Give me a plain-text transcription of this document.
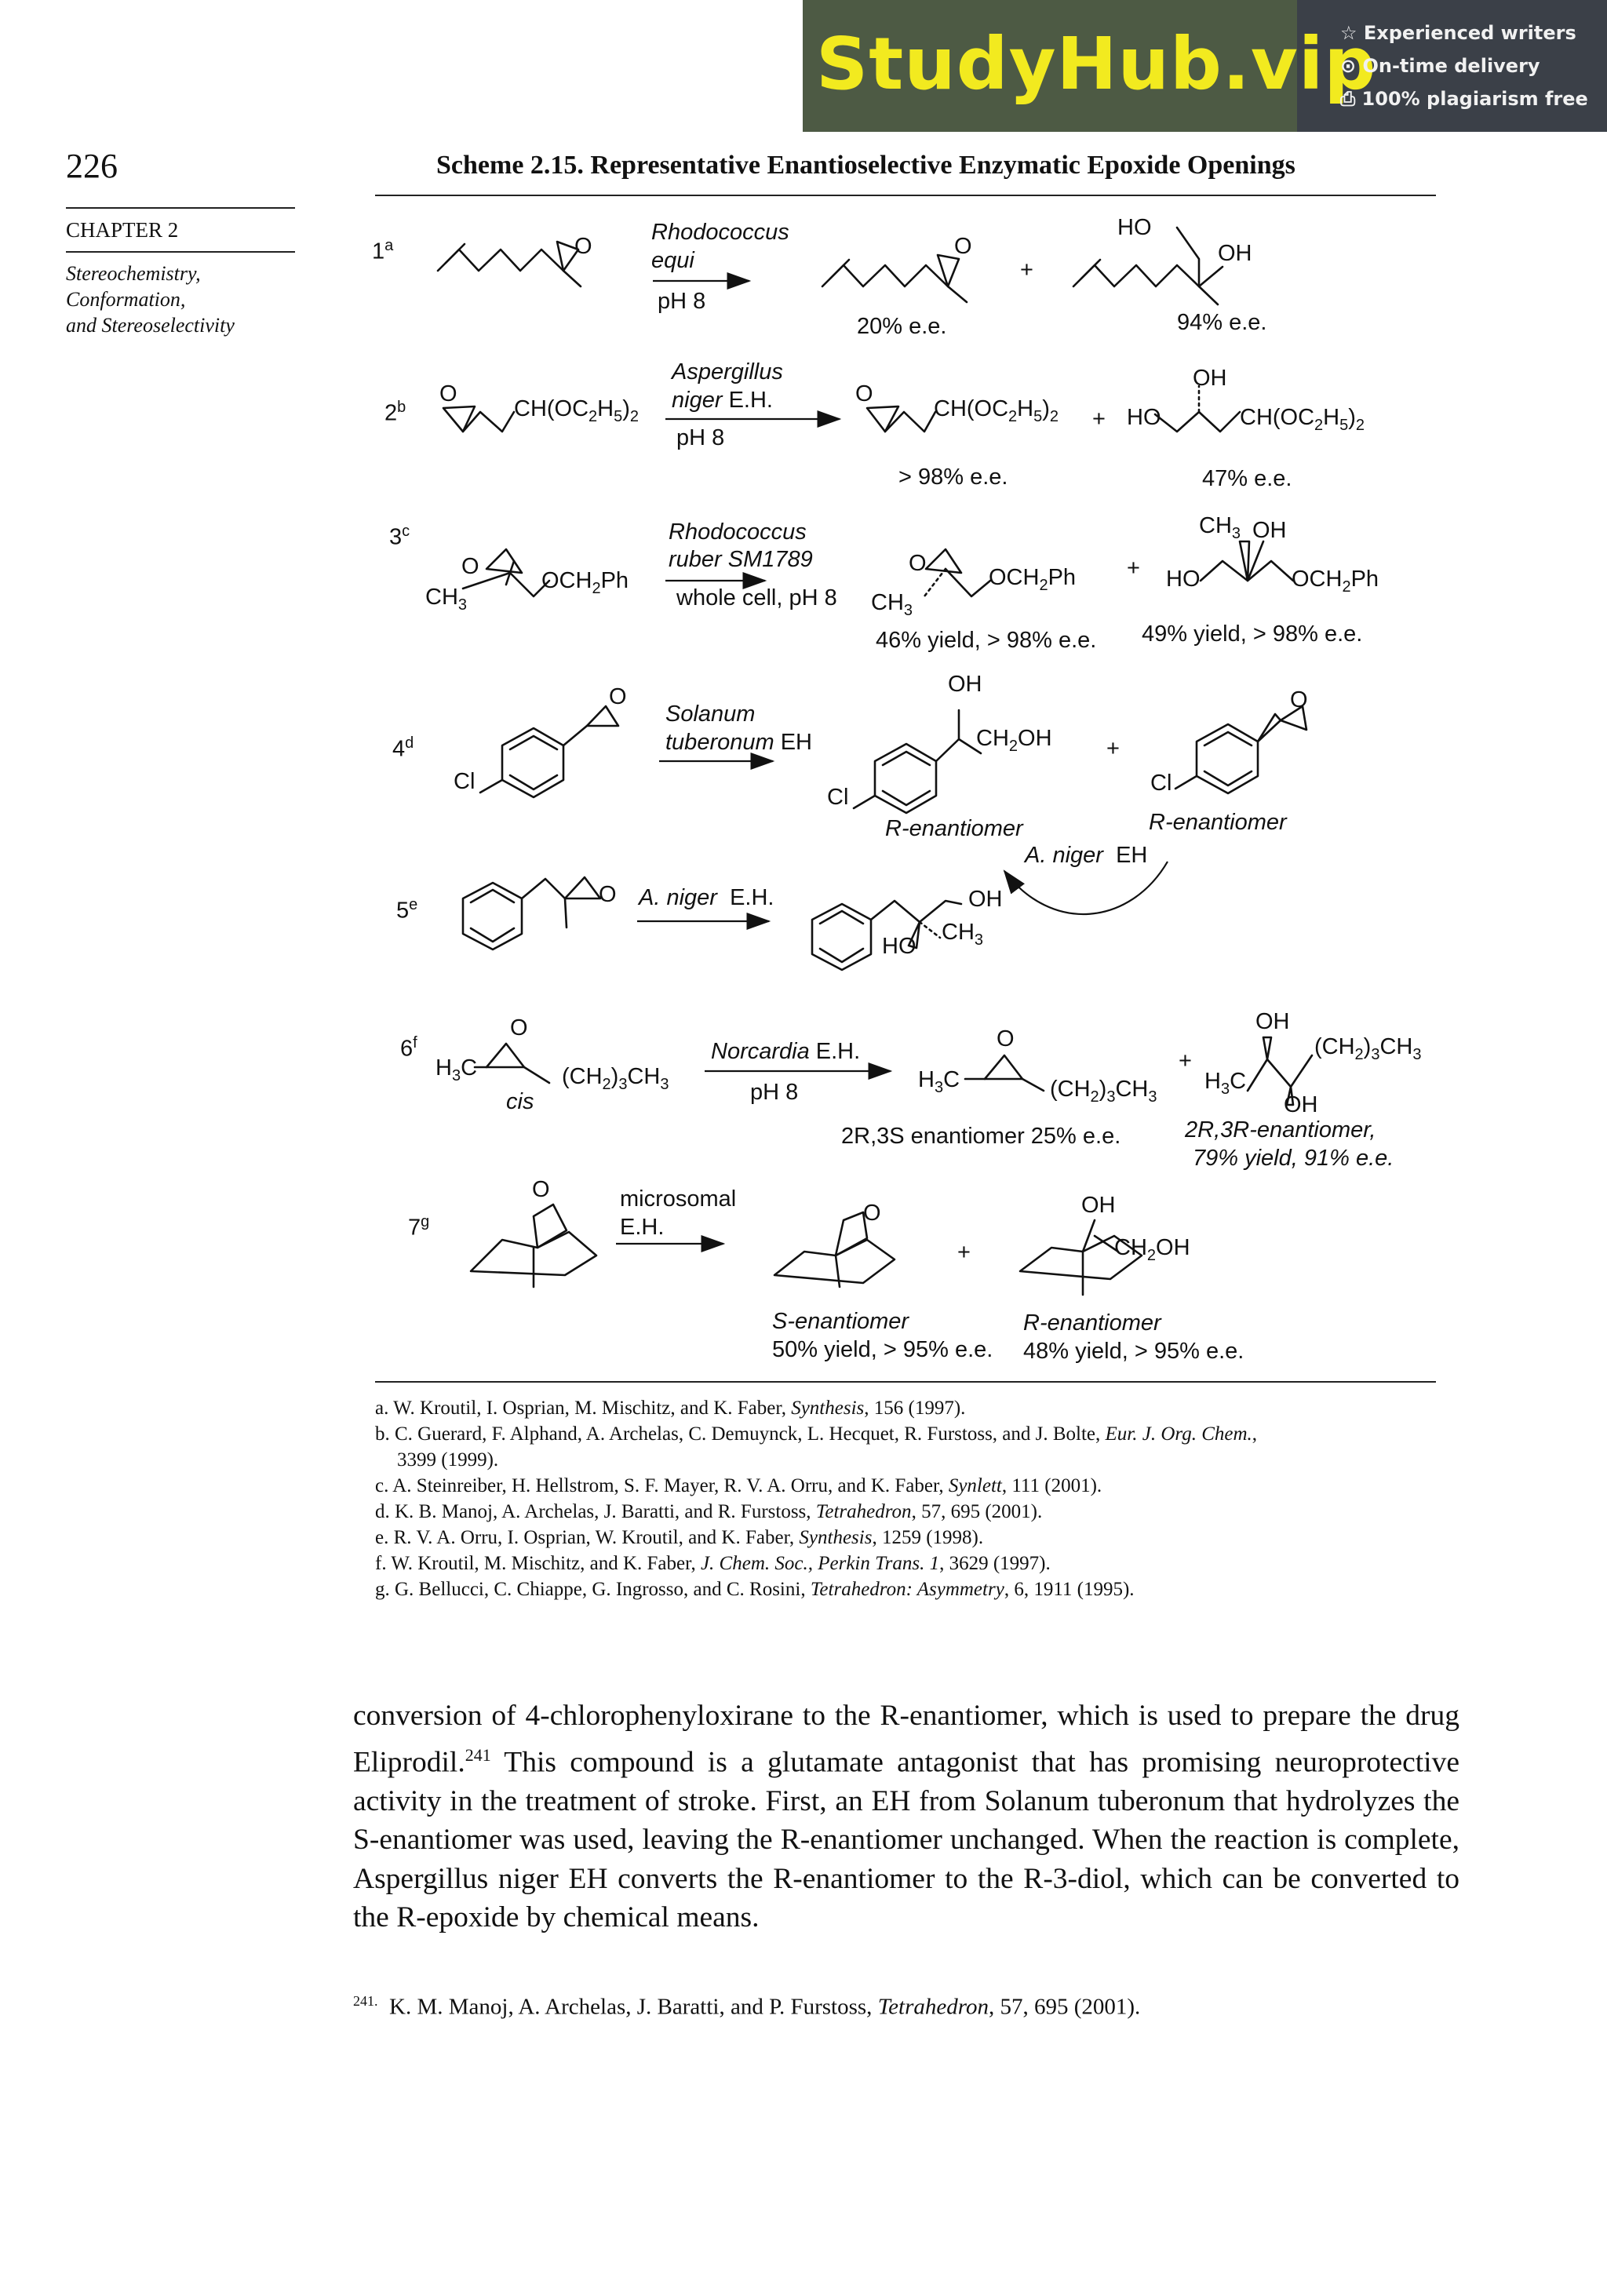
StudyHub.vip
☆ Experienced writers
⊙ On-time delivery
⎙ 100% plagiarism free
226	Scheme 2.15. Representative Enantioselective Enzymatic Epoxide Openings
CHAPTER 2
Stereochemistry,
Conformation,
and Stereoselectivity
1$^a$	O
Rhodococcus
equi
pH 8
O
+
20% e.e.
HO
OH
94% e.e.
2$^b$
O
$CH(OC_2H_5)_2$
Aspergillus
niger E.H.
pH 8
O
$CH(OC_2H_5)_2$ + HO
OH
$CH(OC_2H_5)_2$
> 98% e.e.	47% e.e.
3$^c$
O
$CH_3$
$OCH_2Ph$
Rhodococcus
ruber SM1789
whole cell, pH 8
O
$CH_3$
$OCH_2Ph$ + HO
$CH_3$ OH
$OCH_2Ph$
46% yield, > 98% e.e. 49% yield, > 98% e.e.
4$^d$
Cl
O
Solanum
tuberonum EH
Cl
OH
$CH_2OH$ +
Cl
O
R-enantiomer	R-enantiomer
A. niger EH
5e	O A. niger E.H.	OH
HO
$CH_3$
6$^f$
O
$H_3C$	$(CH_2)_3CH_3$
cis
Norcardia E.H.
pH 8
O
$H_3C$	$(CH_2)_3CH_3$
+
$H_3C$
OH
$(CH_2)_3CH_3$
OH
2R,3S enantiomer 25% e.e.	2R,3R-enantiomer,
79% yield, 91% e.e.
7$^g$
O	microsomal
E.H.
O
+
OH
$CH_2OH$
S-enantiomer
50% yield, > 95% e.e.
R-enantiomer
48% yield, > 95% e.e.
a. W. Kroutil, I. Osprian, M. Mischitz, and K. Faber, Synthesis, 156 (1997).
b. C. Guerard, F. Alphand, A. Archelas, C. Demuynck, L. Hecquet, R. Furstoss, and J. Bolte, Eur. J. Org. Chem.,
3399 (1999).
c. A. Steinreiber, H. Hellstrom, S. F. Mayer, R. V. A. Orru, and K. Faber, Synlett, 111 (2001).
d. K. B. Manoj, A. Archelas, J. Baratti, and R. Furstoss, Tetrahedron, 57, 695 (2001).
e. R. V. A. Orru, I. Osprian, W. Kroutil, and K. Faber, Synthesis, 1259 (1998).
f. W. Kroutil, M. Mischitz, and K. Faber, J. Chem. Soc., Perkin Trans. 1, 3629 (1997).
g. G. Bellucci, C. Chiappe, G. Ingrosso, and C. Rosini, Tetrahedron: Asymmetry, 6, 1911 (1995).
conversion of 4-chlorophenyloxirane to the R-enantiomer, which is used to prepare the drug Eliprodil.$^{241}$ This compound is a glutamate antagonist that has promising neuroprotective activity in the treatment of stroke. First, an EH from Solanum tuberonum that hydrolyzes the S-enantiomer was used, leaving the R-enantiomer unchanged. When the reaction is complete, Aspergillus niger EH converts the R-enantiomer to the R-3-diol, which can be converted to the R-epoxide by chemical means.
$^{241.}$ K. M. Manoj, A. Archelas, J. Baratti, and P. Furstoss, Tetrahedron, 57, 695 (2001).
